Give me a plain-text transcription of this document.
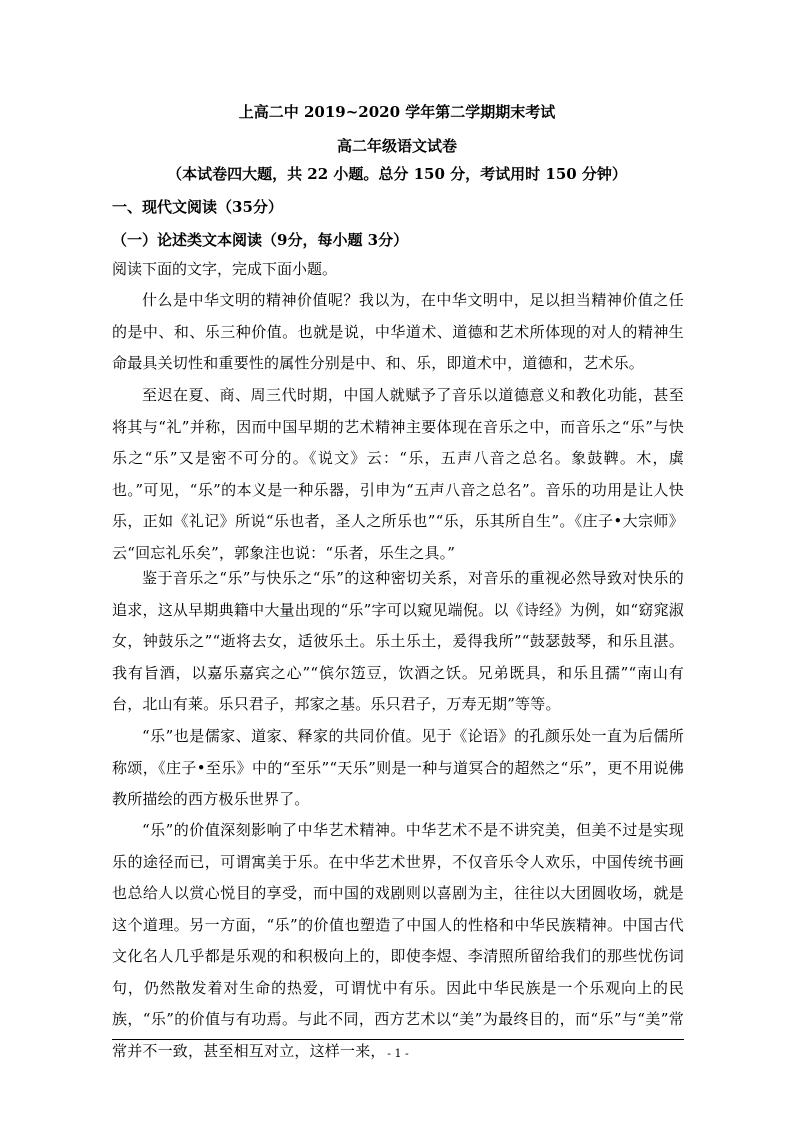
上高二中 2019~2020 学年第二学期期末考试
高二年级语文试卷
（本试卷四大题，共 22 小题。总分 150 分，考试用时 150 分钟）
一、现代文阅读（35分）
（一）论述类文本阅读（9分，每小题 3分）
阅读下面的文字，完成下面小题。

什么是中华文明的精神价值呢？我以为，在中华文明中，足以担当精神价值之任的是中、和、乐三种价值。也就是说，中华道术、道德和艺术所体现的对人的精神生命最具关切性和重要性的属性分别是中、和、乐，即道术中，道德和，艺术乐。

至迟在夏、商、周三代时期，中国人就赋予了音乐以道德意义和教化功能，甚至将其与“礼”并称，因而中国早期的艺术精神主要体现在音乐之中，而音乐之“乐”与快乐之“乐”又是密不可分的。《说文》云：“乐，五声八音之总名。象鼓鞞。木，虡也。”可见，“乐”的本义是一种乐器，引申为“五声八音之总名”。音乐的功用是让人快乐，正如《礼记》所说“乐也者，圣人之所乐也”“乐，乐其所自生”。《庄子•大宗师》云“回忘礼乐矣”，郭象注也说：“乐者，乐生之具。”

鉴于音乐之“乐”与快乐之“乐”的这种密切关系，对音乐的重视必然导致对快乐的追求，这从早期典籍中大量出现的“乐”字可以窥见端倪。以《诗经》为例，如“窈窕淑女，钟鼓乐之”“逝将去女，适彼乐土。乐土乐土，爰得我所”“鼓瑟鼓琴，和乐且湛。我有旨酒，以嘉乐嘉宾之心”“傧尔笾豆，饮酒之饫。兄弟既具，和乐且孺”“南山有台，北山有莱。乐只君子，邦家之基。乐只君子，万寿无期”等等。

“乐”也是儒家、道家、释家的共同价值。见于《论语》的孔颜乐处一直为后儒所称颂，《庄子•至乐》中的“至乐”“天乐”则是一种与道冥合的超然之“乐”，更不用说佛教所描绘的西方极乐世界了。

“乐”的价值深刻影响了中华艺术精神。中华艺术不是不讲究美，但美不过是实现乐的途径而已，可谓寓美于乐。在中华艺术世界，不仅音乐令人欢乐，中国传统书画也总给人以赏心悦目的享受，而中国的戏剧则以喜剧为主，往往以大团圆收场，就是这个道理。另一方面，“乐”的价值也塑造了中国人的性格和中华民族精神。中国古代文化名人几乎都是乐观的和积极向上的，即使李煜、李清照所留给我们的那些忧伤词句，仍然散发着对生命的热爱，可谓忧中有乐。因此中华民族是一个乐观向上的民族，“乐”的价值与有功焉。与此不同，西方艺术以“美”为最终目的，而“乐”与“美”常常并不一致，甚至相互对立，这样一来， - 1 -
